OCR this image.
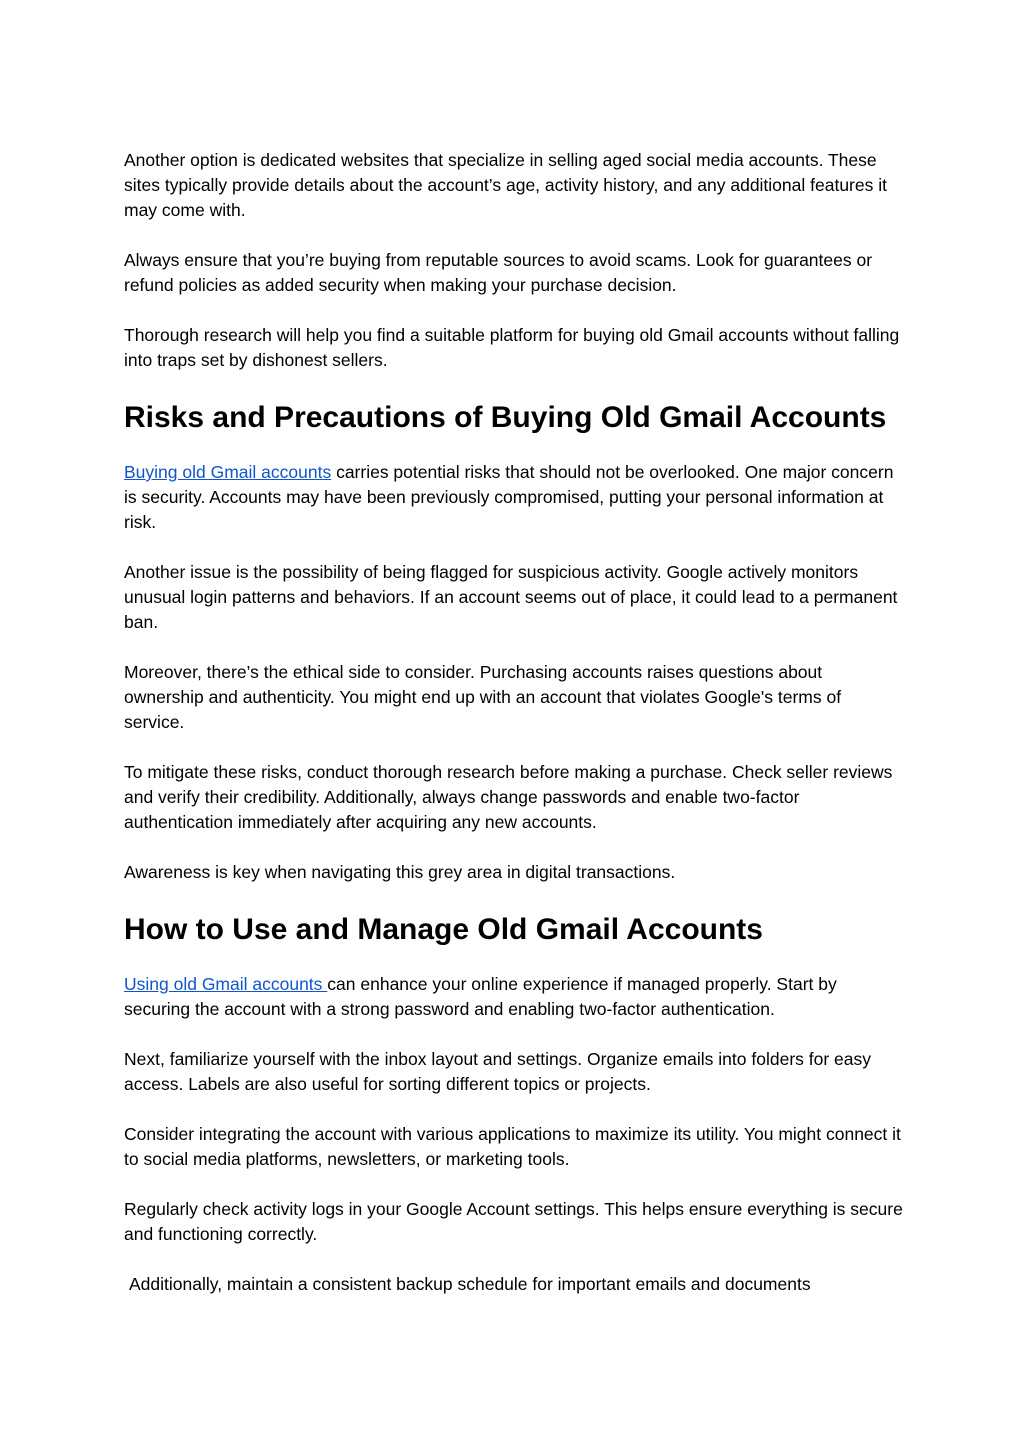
Another option is dedicated websites that specialize in selling aged social media accounts. These sites typically provide details about the account’s age, activity history, and any additional features it may come with.

Always ensure that you’re buying from reputable sources to avoid scams. Look for guarantees or refund policies as added security when making your purchase decision.

Thorough research will help you find a suitable platform for buying old Gmail accounts without falling into traps set by dishonest sellers.

Risks and Precautions of Buying Old Gmail Accounts

Buying old Gmail accounts carries potential risks that should not be overlooked. One major concern is security. Accounts may have been previously compromised, putting your personal information at risk.

Another issue is the possibility of being flagged for suspicious activity. Google actively monitors unusual login patterns and behaviors. If an account seems out of place, it could lead to a permanent ban.

Moreover, there’s the ethical side to consider. Purchasing accounts raises questions about ownership and authenticity. You might end up with an account that violates Google's terms of service.

To mitigate these risks, conduct thorough research before making a purchase. Check seller reviews and verify their credibility. Additionally, always change passwords and enable two-factor authentication immediately after acquiring any new accounts.

Awareness is key when navigating this grey area in digital transactions.

How to Use and Manage Old Gmail Accounts

Using old Gmail accounts can enhance your online experience if managed properly. Start by securing the account with a strong password and enabling two-factor authentication.

Next, familiarize yourself with the inbox layout and settings. Organize emails into folders for easy access. Labels are also useful for sorting different topics or projects.

Consider integrating the account with various applications to maximize its utility. You might connect it to social media platforms, newsletters, or marketing tools.

Regularly check activity logs in your Google Account settings. This helps ensure everything is secure and functioning correctly.

Additionally, maintain a consistent backup schedule for important emails and documents
